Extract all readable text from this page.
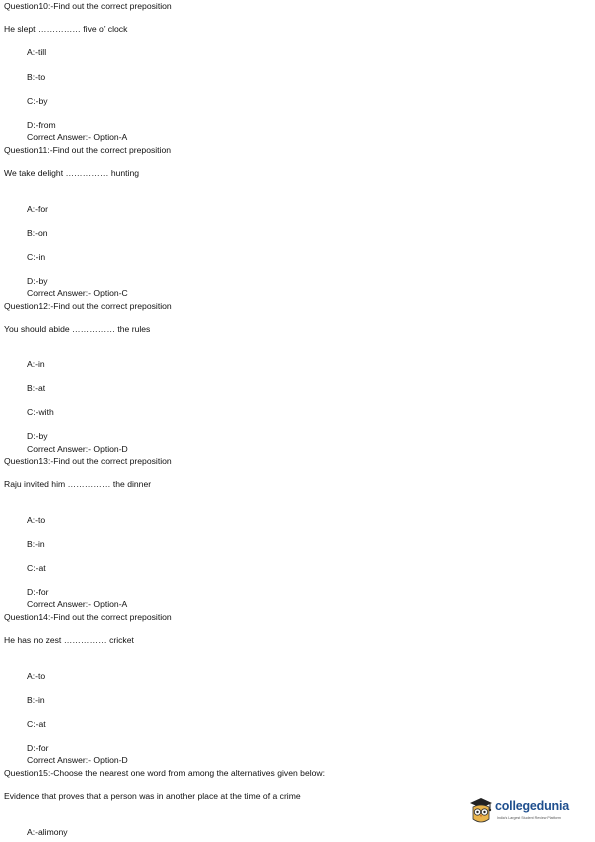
Question10:-Find out the correct preposition
He slept …………… five o’ clock
A:-till
B:-to
C:-by
D:-from
Correct Answer:- Option-A
Question11:-Find out the correct preposition
We take delight …………… hunting
A:-for
B:-on
C:-in
D:-by
Correct Answer:- Option-C
Question12:-Find out the correct preposition
You should abide …………… the rules
A:-in
B:-at
C:-with
D:-by
Correct Answer:- Option-D
Question13:-Find out the correct preposition
Raju invited him …………… the dinner
A:-to
B:-in
C:-at
D:-for
Correct Answer:- Option-A
Question14:-Find out the correct preposition
He has no zest …………… cricket
A:-to
B:-in
C:-at
D:-for
Correct Answer:- Option-D
Question15:-Choose the nearest one word from among the alternatives given below:
Evidence that proves that a person was in another place at the time of a crime
A:-alimony
collegedunia
India's Largest Student Review Platform
